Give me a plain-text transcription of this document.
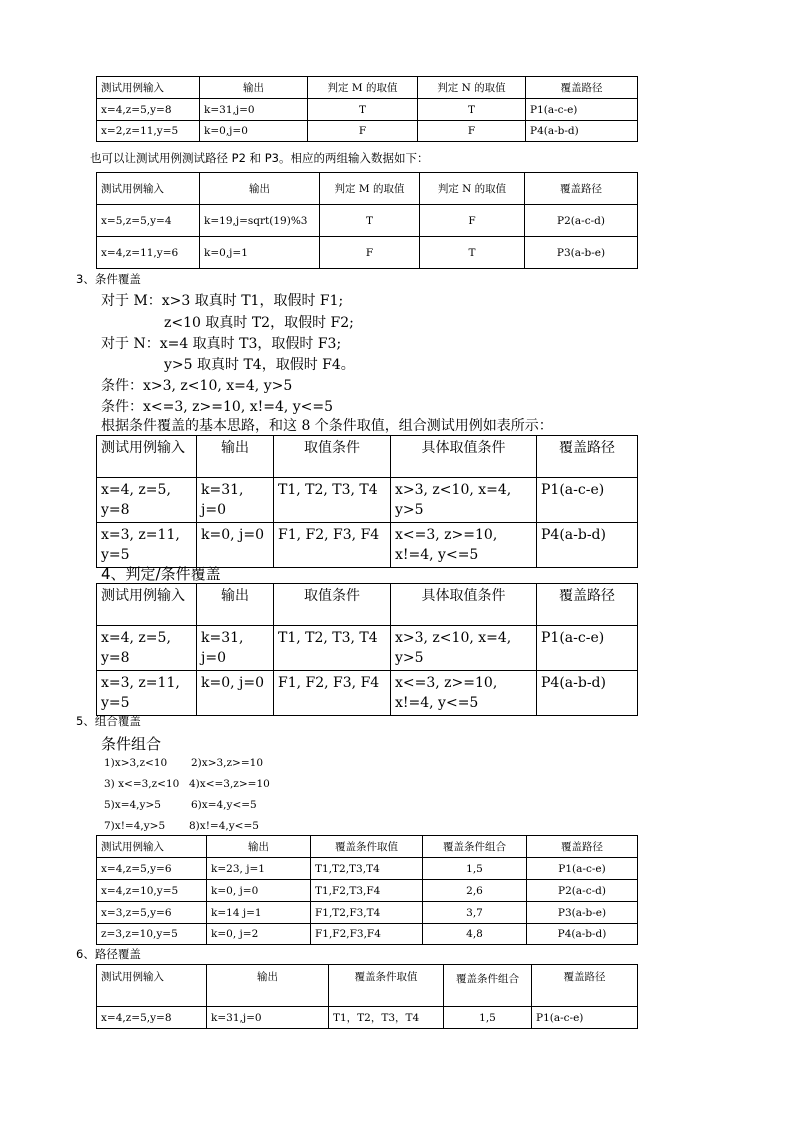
测试用例输入	输出	判定 M 的取值	判定 N 的取值	覆盖路径
x=4,z=5,y=8	k=31,j=0	T	T	P1(a-c-e)
x=2,z=11,y=5	k=0,j=0	F	F	P4(a-b-d)
也可以让测试用例测试路径 P2 和 P3。相应的两组输入数据如下：
测试用例输入	输出	判定 M 的取值	判定 N 的取值	覆盖路径
x=5,z=5,y=4	k=19,j=sqrt(19)%3	T	F	P2(a-c-d)
x=4,z=11,y=6	k=0,j=1	F	T	P3(a-b-e)
3、条件覆盖
对于 M：x>3 取真时 T1，取假时 F1;
z<10 取真时 T2，取假时 F2;
对于 N：x=4 取真时 T3，取假时 F3;
y>5 取真时 T4，取假时 F4。
条件：x>3, z<10, x=4, y>5
条件：x<=3, z>=10, x!=4, y<=5
根据条件覆盖的基本思路，和这 8 个条件取值，组合测试用例如表所示：
测试用例输入	输出	取值条件	具体取值条件	覆盖路径
x=4, z=5, y=8	k=31, j=0	T1, T2, T3, T4	x>3, z<10, x=4, y>5	P1(a-c-e)
x=3, z=11, y=5	k=0, j=0	F1, F2, F3, F4	x<=3, z>=10, x!=4, y<=5	P4(a-b-d)
4、判定/条件覆盖
测试用例输入	输出	取值条件	具体取值条件	覆盖路径
x=4, z=5, y=8	k=31, j=0	T1, T2, T3, T4	x>3, z<10, x=4, y>5	P1(a-c-e)
x=3, z=11, y=5	k=0, j=0	F1, F2, F3, F4	x<=3, z>=10, x!=4, y<=5	P4(a-b-d)
5、组合覆盖
条件组合
1)x>3,z<10 2)x>3,z>=10
3) x<=3,z<10 4)x<=3,z>=10
5)x=4,y>5	6)x=4,y<=5
7)x!=4,y>5 8)x!=4,y<=5
测试用例输入	输出	覆盖条件取值	覆盖条件组合	覆盖路径
x=4,z=5,y=6	k=23, j=1	T1,T2,T3,T4	1,5	P1(a-c-e)
x=4,z=10,y=5	k=0, j=0	T1,F2,T3,F4	2,6	P2(a-c-d)
x=3,z=5,y=6	k=14 j=1	F1,T2,F3,T4	3,7	P3(a-b-e)
z=3,z=10,y=5	k=0, j=2	F1,F2,F3,F4	4,8	P4(a-b-d)
6、路径覆盖
测试用例输入	输出	覆盖条件取值	覆盖条件组合	覆盖路径
x=4,z=5,y=8	k=31,j=0	T1，T2，T3，T4	1,5	P1(a-c-e)
